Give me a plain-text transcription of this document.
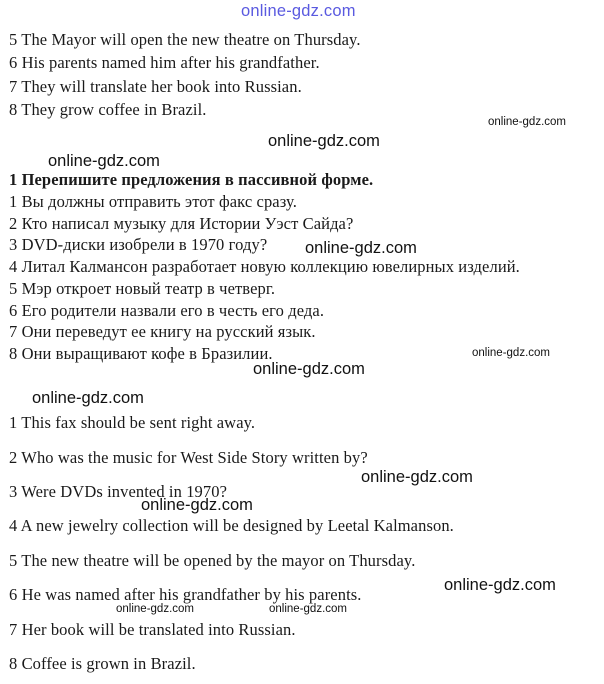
online-gdz.com
5 The Mayor will open the new theatre on Thursday.
6 His parents named him after his grandfather.
7 They will translate her book into Russian.
8 They grow coffee in Brazil.
online-gdz.com
online-gdz.com
online-gdz.com
1 Перепишите предложения в пассивной форме.
1 Вы должны отправить этот факс сразу.
2 Кто написал музыку для Истории Уэст Сайда?
3 DVD-диски изобрели в 1970 году? online-gdz.com
4 Литал Калмансон разработает новую коллекцию ювелирных изделий.
5 Мэр откроет новый театр в четверг.
6 Его родители назвали его в честь его деда.
7 Они переведут ее книгу на русский язык.
8 Они выращивают кофе в Бразилии.	online-gdz.com
online-gdz.com
online-gdz.com
1 This fax should be sent right away.
2 Who was the music for West Side Story written by?
online-gdz.com
3 Were DVDs invented in 1970?
online-gdz.com
4 A new jewelry collection will be designed by Leetal Kalmanson.
5 The new theatre will be opened by the mayor on Thursday.
online-gdz.com
6 He was named after his grandfather by his parents.
online-gdz.com	online-gdz.com
7 Her book will be translated into Russian.
8 Coffee is grown in Brazil.
